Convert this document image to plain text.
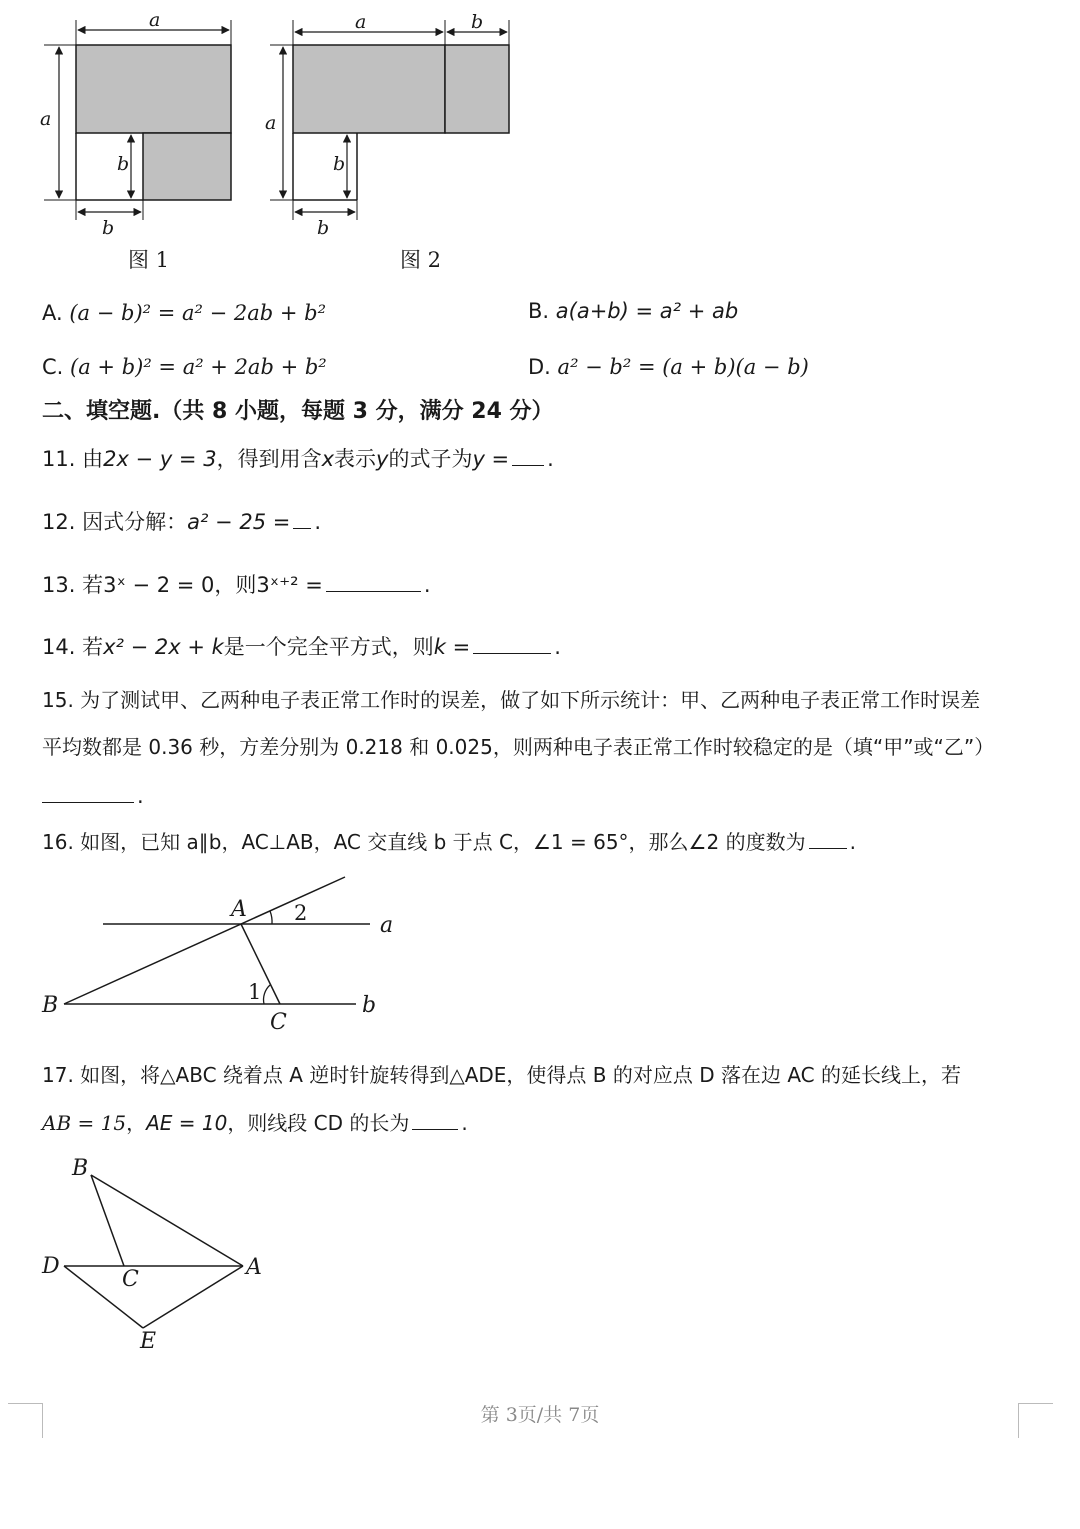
a
a
b
b
a	b
a
b
b
图 1	图 2
A. (a − b)² = a² − 2ab + b²	B. a(a+b) = a² + ab
C. (a + b)² = a² + 2ab + b²	D. a² − b² = (a + b)(a − b)
二、填空题.（共 8 小题，每题 3 分，满分 24 分）
11. 由2x − y = 3，得到用含x表示y的式子为y = .
12. 因式分解：a² − 25 = .
13. 若3ˣ − 2 = 0，则3ˣ⁺² =	.
14. 若x² − 2x + k是一个完全平方式，则k =	.
15. 为了测试甲、乙两种电子表正常工作时的误差，做了如下所示统计：甲、乙两种电子表正常工作时误差
平均数都是 0.36 秒，方差分别为 0.218 和 0.025，则两种电子表正常工作时较稳定的是（填“甲”或“乙”）
.
16. 如图，已知 a∥b，AC⊥AB，AC 交直线 b 于点 C，∠1 = 65°，那么∠2 的度数为 .
A 2	a
B
1
b
C
17. 如图，将△ABC 绕着点 A 逆时针旋转得到△ADE，使得点 B 的对应点 D 落在边 AC 的延长线上，若
AB = 15，AE = 10，则线段 CD 的长为	.
B
D
C	A
E
第 3页/共 7页
